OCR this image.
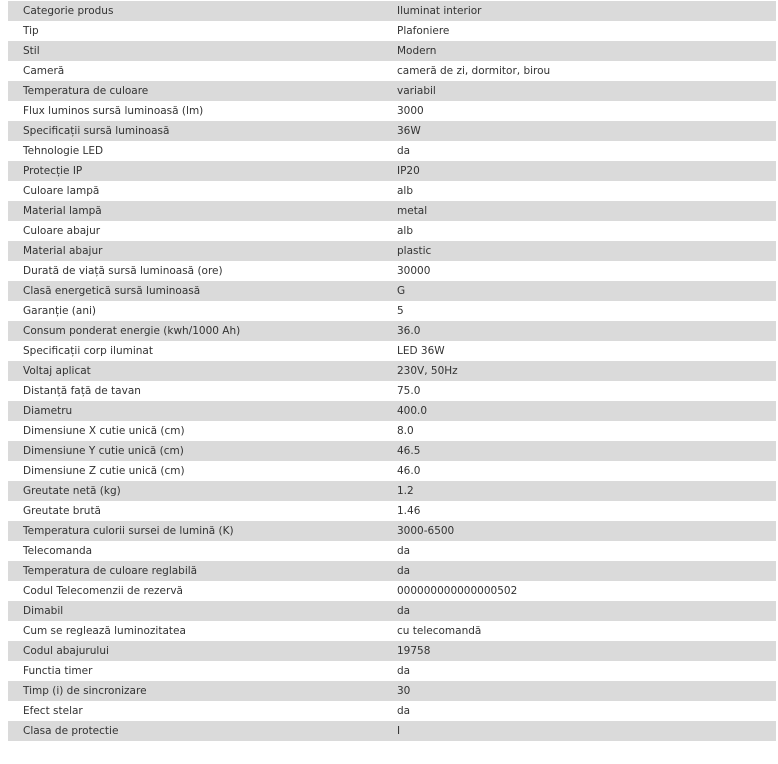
Categorie produs	Iluminat interior
Tip	Plafoniere
Stil	Modern
Cameră	cameră de zi, dormitor, birou
Temperatura de culoare	variabil
Flux luminos sursă luminoasă (lm)	3000
Specificații sursă luminoasă	36W
Tehnologie LED	da
Protecție IP	IP20
Culoare lampă	alb
Material lampă	metal
Culoare abajur	alb
Material abajur	plastic
Durată de viață sursă luminoasă (ore)	30000
Clasă energetică sursă luminoasă	G
Garanție (ani)	5
Consum ponderat energie (kwh/1000 Ah)	36.0
Specificații corp iluminat	LED 36W
Voltaj aplicat	230V, 50Hz
Distanță față de tavan	75.0
Diametru	400.0
Dimensiune X cutie unică (cm)	8.0
Dimensiune Y cutie unică (cm)	46.5
Dimensiune Z cutie unică (cm)	46.0
Greutate netă (kg)	1.2
Greutate brută	1.46
Temperatura culorii sursei de lumină (K)	3000-6500
Telecomanda	da
Temperatura de culoare reglabilă	da
Codul Telecomenzii de rezervă	000000000000000502
Dimabil	da
Cum se reglează luminozitatea	cu telecomandă
Codul abajurului	19758
Functia timer	da
Timp (i) de sincronizare	30
Efect stelar	da
Clasa de protectie	I
